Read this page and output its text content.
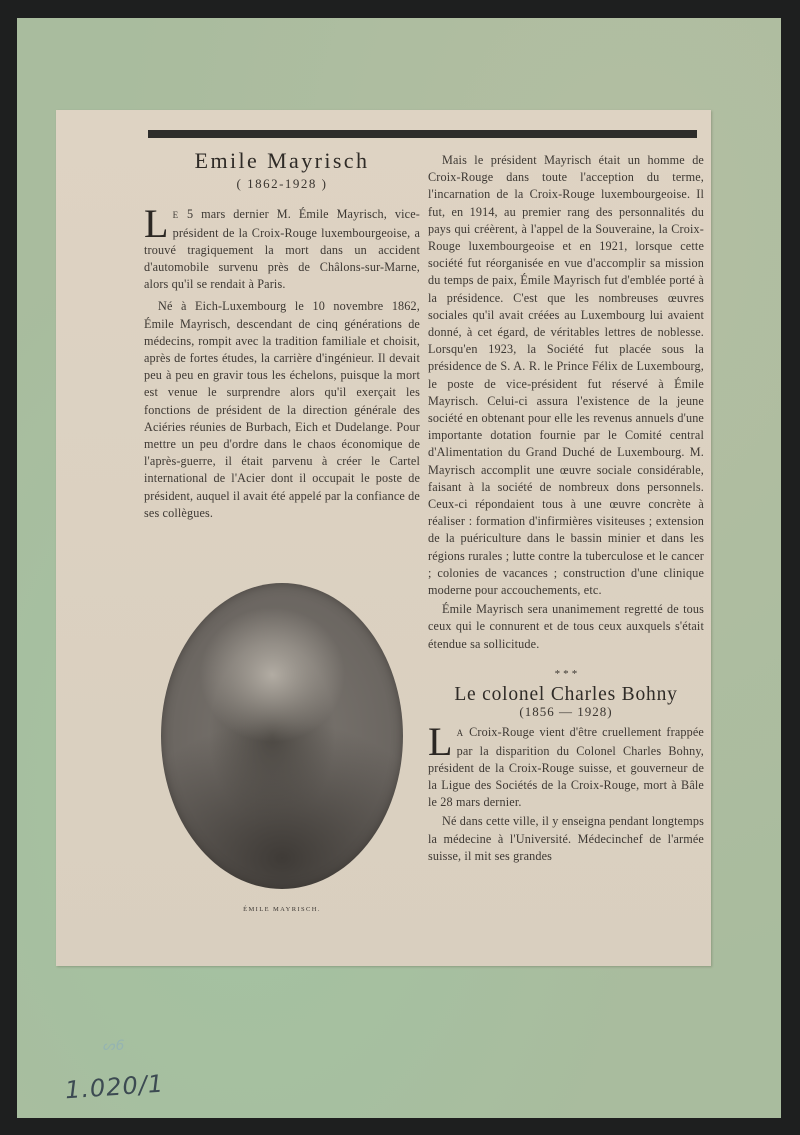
ᔕ6
1.020/1
Emile Mayrisch
( 1862-1928 )

L E 5 mars dernier M. Émile Mayrisch, vice-président de la Croix-Rouge luxembourgeoise, a trouvé tragiquement la mort dans un accident d'automobile survenu près de Châlons-sur-Marne, alors qu'il se rendait à Paris.

Né à Eich-Luxembourg le 10 novembre 1862, Émile Mayrisch, descendant de cinq générations de médecins, rompit avec la tradition familiale et choisit, après de fortes études, la carrière d'ingénieur. Il devait peu à peu en gravir tous les échelons, puisque la mort est venue le surprendre alors qu'il exerçait les fonctions de président de la direction générale des Aciéries réunies de Burbach, Eich et Dudelange. Pour mettre un peu d'ordre dans le chaos économique de l'après-guerre, il était parvenu à créer le Cartel international de l'Acier dont il occupait le poste de président, auquel il avait été appelé par la confiance de ses collègues.

ÉMILE MAYRISCH.

Mais le président Mayrisch était un homme de Croix-Rouge dans toute l'acception du terme, l'incarnation de la Croix-Rouge luxembourgeoise. Il fut, en 1914, au premier rang des personnalités du pays qui créèrent, à l'appel de la Souveraine, la Croix-Rouge luxembourgeoise et en 1921, lorsque cette société fut réorganisée en vue d'accomplir sa mission du temps de paix, Émile Mayrisch fut d'emblée porté à la présidence. C'est que les nombreuses œuvres sociales qu'il avait créées au Luxembourg lui avaient donné, à cet égard, de véritables lettres de noblesse. Lorsqu'en 1923, la Société fut placée sous la présidence de S. A. R. le Prince Félix de Luxembourg, le poste de vice-président fut réservé à Émile Mayrisch. Celui-ci assura l'existence de la jeune société en obtenant pour elle les revenus annuels d'une importante dotation fournie par le Comité central d'Alimentation du Grand Duché de Luxembourg. M. Mayrisch accomplit une œuvre sociale considérable, faisant à la société de nombreux dons personnels. Ceux-ci répondaient tous à une œuvre concrète à réaliser : formation d'infirmières visiteuses ; extension de la puériculture dans le bassin minier et dans les régions rurales ; lutte contre la tuberculose et le cancer ; colonies de vacances ; construction d'une clinique moderne pour accouchements, etc.

Émile Mayrisch sera unanimement regretté de tous ceux qui le connurent et de tous ceux auxquels s'était étendue sa sollicitude.

* * *
Le colonel Charles Bohny
(1856 — 1928)

L A Croix-Rouge vient d'être cruellement frappée par la disparition du Colonel Charles Bohny, président de la Croix-Rouge suisse, et gouverneur de la Ligue des Sociétés de la Croix-Rouge, mort à Bâle le 28 mars dernier.

Né dans cette ville, il y enseigna pendant longtemps la médecine à l'Université. Médecinchef de l'armée suisse, il mit ses grandes
